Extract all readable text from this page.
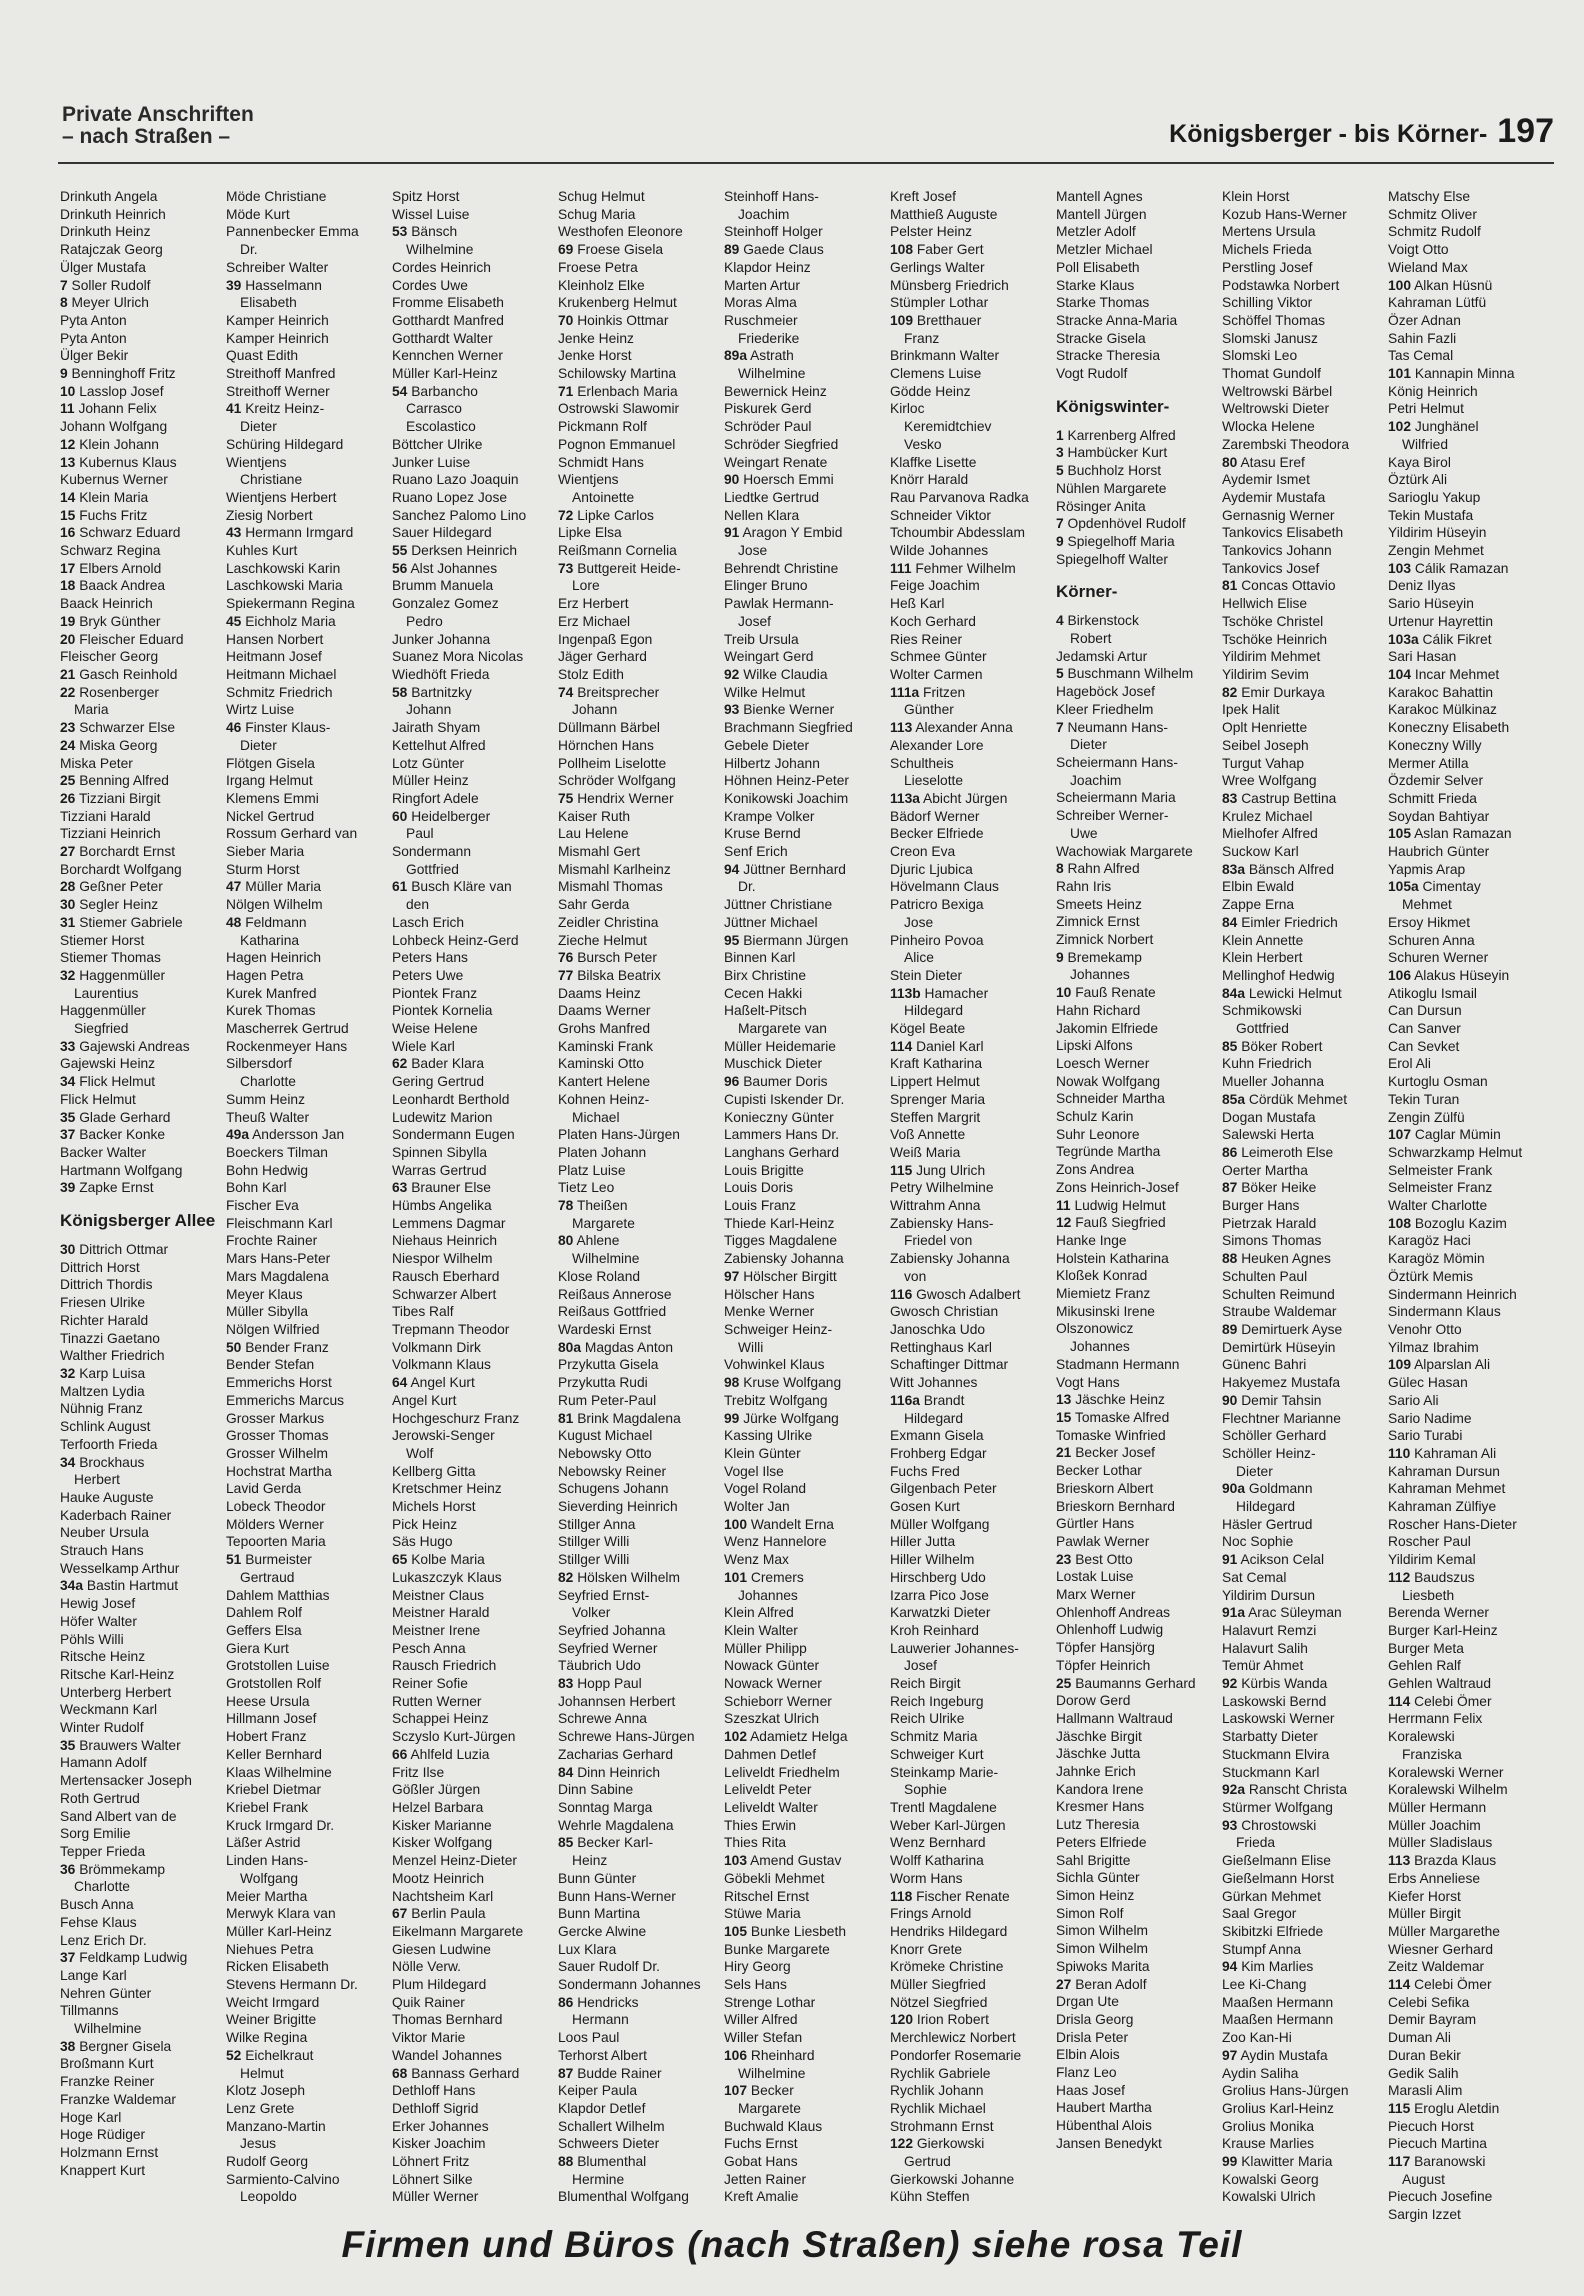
Private Anschriften
– nach Straßen –	Königsberger - bis Körner- 197
Drinkuth Angela
Drinkuth Heinrich
Drinkuth Heinz
Ratajczak Georg
Ülger Mustafa
7 Soller Rudolf
8 Meyer Ulrich
Pyta Anton
Pyta Anton
Ülger Bekir
9 Benninghoff Fritz
10 Lasslop Josef
11 Johann Felix
Johann Wolfgang
12 Klein Johann
13 Kubernus Klaus
Kubernus Werner
14 Klein Maria
15 Fuchs Fritz
16 Schwarz Eduard
Schwarz Regina
17 Elbers Arnold
18 Baack Andrea
Baack Heinrich
19 Bryk Günther
20 Fleischer Eduard
Fleischer Georg
21 Gasch Reinhold
22 Rosenberger
Maria
23 Schwarzer Else
24 Miska Georg
Miska Peter
25 Benning Alfred
26 Tizziani Birgit
Tizziani Harald
Tizziani Heinrich
27 Borchardt Ernst
Borchardt Wolfgang
28 Geßner Peter
30 Segler Heinz
31 Stiemer Gabriele
Stiemer Horst
Stiemer Thomas
32 Haggenmüller
Laurentius
Haggenmüller
Siegfried
33 Gajewski Andreas
Gajewski Heinz
34 Flick Helmut
Flick Helmut
35 Glade Gerhard
37 Backer Konke
Backer Walter
Hartmann Wolfgang
39 Zapke Ernst
Königsberger Allee
30 Dittrich Ottmar
Dittrich Horst
Dittrich Thordis
Friesen Ulrike
Richter Harald
Tinazzi Gaetano
Walther Friedrich
32 Karp Luisa
Maltzen Lydia
Nühnig Franz
Schlink August
Terfoorth Frieda
34 Brockhaus
Herbert
Hauke Auguste
Kaderbach Rainer
Neuber Ursula
Strauch Hans
Wesselkamp Arthur
34a Bastin Hartmut
Hewig Josef
Höfer Walter
Pöhls Willi
Ritsche Heinz
Ritsche Karl-Heinz
Unterberg Herbert
Weckmann Karl
Winter Rudolf
35 Brauwers Walter
Hamann Adolf
Mertensacker Joseph
Roth Gertrud
Sand Albert van de
Sorg Emilie
Tepper Frieda
36 Brömmekamp
Charlotte
Busch Anna
Fehse Klaus
Lenz Erich Dr.
37 Feldkamp Ludwig
Lange Karl
Nehren Günter
Tillmanns
Wilhelmine
38 Bergner Gisela
Broßmann Kurt
Franzke Reiner
Franzke Waldemar
Hoge Karl
Hoge Rüdiger
Holzmann Ernst
Knappert Kurt
Möde Christiane
Möde Kurt
Pannenbecker Emma
Dr.
Schreiber Walter
39 Hasselmann
Elisabeth
Kamper Heinrich
Kamper Heinrich
Quast Edith
Streithoff Manfred
Streithoff Werner
41 Kreitz Heinz-
Dieter
Schüring Hildegard
Wientjens
Christiane
Wientjens Herbert
Ziesig Norbert
43 Hermann Irmgard
Kuhles Kurt
Laschkowski Karin
Laschkowski Maria
Spiekermann Regina
45 Eichholz Maria
Hansen Norbert
Heitmann Josef
Heitmann Michael
Schmitz Friedrich
Wirtz Luise
46 Finster Klaus-
Dieter
Flötgen Gisela
Irgang Helmut
Klemens Emmi
Nickel Gertrud
Rossum Gerhard van
Sieber Maria
Sturm Horst
47 Müller Maria
Nölgen Wilhelm
48 Feldmann
Katharina
Hagen Heinrich
Hagen Petra
Kurek Manfred
Kurek Thomas
Mascherrek Gertrud
Rockenmeyer Hans
Silbersdorf
Charlotte
Summ Heinz
Theuß Walter
49a Andersson Jan
Boeckers Tilman
Bohn Hedwig
Bohn Karl
Fischer Eva
Fleischmann Karl
Frochte Rainer
Mars Hans-Peter
Mars Magdalena
Meyer Klaus
Müller Sibylla
Nölgen Wilfried
50 Bender Franz
Bender Stefan
Emmerichs Horst
Emmerichs Marcus
Grosser Markus
Grosser Thomas
Grosser Wilhelm
Hochstrat Martha
Lavid Gerda
Lobeck Theodor
Mölders Werner
Tepoorten Maria
51 Burmeister
Gertraud
Dahlem Matthias
Dahlem Rolf
Geffers Elsa
Giera Kurt
Grotstollen Luise
Grotstollen Rolf
Heese Ursula
Hillmann Josef
Hobert Franz
Keller Bernhard
Klaas Wilhelmine
Kriebel Dietmar
Kriebel Frank
Kruck Irmgard Dr.
Läßer Astrid
Linden Hans-
Wolfgang
Meier Martha
Merwyk Klara van
Müller Karl-Heinz
Niehues Petra
Ricken Elisabeth
Stevens Hermann Dr.
Weicht Irmgard
Weiner Brigitte
Wilke Regina
52 Eichelkraut
Helmut
Klotz Joseph
Lenz Grete
Manzano-Martin
Jesus
Rudolf Georg
Sarmiento-Calvino
Leopoldo
Spitz Horst
Wissel Luise
53 Bänsch
Wilhelmine
Cordes Heinrich
Cordes Uwe
Fromme Elisabeth
Gotthardt Manfred
Gotthardt Walter
Kennchen Werner
Müller Karl-Heinz
54 Barbancho
Carrasco
Escolastico
Böttcher Ulrike
Junker Luise
Ruano Lazo Joaquin
Ruano Lopez Jose
Sanchez Palomo Lino
Sauer Hildegard
55 Derksen Heinrich
56 Alst Johannes
Brumm Manuela
Gonzalez Gomez
Pedro
Junker Johanna
Suanez Mora Nicolas
Wiedhöft Frieda
58 Bartnitzky
Johann
Jairath Shyam
Kettelhut Alfred
Lotz Günter
Müller Heinz
Ringfort Adele
60 Heidelberger
Paul
Sondermann
Gottfried
61 Busch Kläre van
den
Lasch Erich
Lohbeck Heinz-Gerd
Peters Hans
Peters Uwe
Piontek Franz
Piontek Kornelia
Weise Helene
Wiele Karl
62 Bader Klara
Gering Gertrud
Leonhardt Berthold
Ludewitz Marion
Sondermann Eugen
Spinnen Sibylla
Warras Gertrud
63 Brauner Else
Hümbs Angelika
Lemmens Dagmar
Niehaus Heinrich
Niespor Wilhelm
Rausch Eberhard
Schwarzer Albert
Tibes Ralf
Trepmann Theodor
Volkmann Dirk
Volkmann Klaus
64 Angel Kurt
Angel Kurt
Hochgeschurz Franz
Jerowski-Senger
Wolf
Kellberg Gitta
Kretschmer Heinz
Michels Horst
Pick Heinz
Säs Hugo
65 Kolbe Maria
Lukaszczyk Klaus
Meistner Claus
Meistner Harald
Meistner Irene
Pesch Anna
Rausch Friedrich
Reiner Sofie
Rutten Werner
Schappei Heinz
Sczyslo Kurt-Jürgen
66 Ahlfeld Luzia
Fritz Ilse
Gößler Jürgen
Helzel Barbara
Kisker Marianne
Kisker Wolfgang
Menzel Heinz-Dieter
Mootz Heinrich
Nachtsheim Karl
67 Berlin Paula
Eikelmann Margarete
Giesen Ludwine
Nölle Verw.
Plum Hildegard
Quik Rainer
Thomas Bernhard
Viktor Marie
Wandel Johannes
68 Bannass Gerhard
Dethloff Hans
Dethloff Sigrid
Erker Johannes
Kisker Joachim
Löhnert Fritz
Löhnert Silke
Müller Werner
Schug Helmut
Schug Maria
Westhofen Eleonore
69 Froese Gisela
Froese Petra
Kleinholz Elke
Krukenberg Helmut
70 Hoinkis Ottmar
Jenke Heinz
Jenke Horst
Schilowsky Martina
71 Erlenbach Maria
Ostrowski Slawomir
Pickmann Rolf
Pognon Emmanuel
Schmidt Hans
Wientjens
Antoinette
72 Lipke Carlos
Lipke Elsa
Reißmann Cornelia
73 Buttgereit Heide-
Lore
Erz Herbert
Erz Michael
Ingenpaß Egon
Jäger Gerhard
Stolz Edith
74 Breitsprecher
Johann
Düllmann Bärbel
Hörnchen Hans
Pollheim Liselotte
Schröder Wolfgang
75 Hendrix Werner
Kaiser Ruth
Lau Helene
Mismahl Gert
Mismahl Karlheinz
Mismahl Thomas
Sahr Gerda
Zeidler Christina
Zieche Helmut
76 Bursch Peter
77 Bilska Beatrix
Daams Heinz
Daams Werner
Grohs Manfred
Kaminski Frank
Kaminski Otto
Kantert Helene
Kohnen Heinz-
Michael
Platen Hans-Jürgen
Platen Johann
Platz Luise
Tietz Leo
78 Theißen
Margarete
80 Ahlene
Wilhelmine
Klose Roland
Reißaus Annerose
Reißaus Gottfried
Wardeski Ernst
80a Magdas Anton
Przykutta Gisela
Przykutta Rudi
Rum Peter-Paul
81 Brink Magdalena
Kugust Michael
Nebowsky Otto
Nebowsky Reiner
Schugens Johann
Sieverding Heinrich
Stillger Anna
Stillger Willi
Stillger Willi
82 Hölsken Wilhelm
Seyfried Ernst-
Volker
Seyfried Johanna
Seyfried Werner
Täubrich Udo
83 Hopp Paul
Johannsen Herbert
Schrewe Anna
Schrewe Hans-Jürgen
Zacharias Gerhard
84 Dinn Heinrich
Dinn Sabine
Sonntag Marga
Wehrle Magdalena
85 Becker Karl-
Heinz
Bunn Günter
Bunn Hans-Werner
Bunn Martina
Gercke Alwine
Lux Klara
Sauer Rudolf Dr.
Sondermann Johannes
86 Hendricks
Hermann
Loos Paul
Terhorst Albert
87 Budde Rainer
Keiper Paula
Klapdor Detlef
Schallert Wilhelm
Schweers Dieter
88 Blumenthal
Hermine
Blumenthal Wolfgang
Steinhoff Hans-
Joachim
Steinhoff Holger
89 Gaede Claus
Klapdor Heinz
Marten Artur
Moras Alma
Ruschmeier
Friederike
89a Astrath
Wilhelmine
Bewernick Heinz
Piskurek Gerd
Schröder Paul
Schröder Siegfried
Weingart Renate
90 Hoersch Emmi
Liedtke Gertrud
Nellen Klara
91 Aragon Y Embid
Jose
Behrendt Christine
Elinger Bruno
Pawlak Hermann-
Josef
Treib Ursula
Weingart Gerd
92 Wilke Claudia
Wilke Helmut
93 Bienke Werner
Brachmann Siegfried
Gebele Dieter
Hilbertz Johann
Höhnen Heinz-Peter
Konikowski Joachim
Krampe Volker
Kruse Bernd
Senf Erich
94 Jüttner Bernhard
Dr.
Jüttner Christiane
Jüttner Michael
95 Biermann Jürgen
Binnen Karl
Birx Christine
Cecen Hakki
Haßelt-Pitsch
Margarete van
Müller Heidemarie
Muschick Dieter
96 Baumer Doris
Cupisti Iskender Dr.
Konieczny Günter
Lammers Hans Dr.
Langhans Gerhard
Louis Brigitte
Louis Doris
Louis Franz
Thiede Karl-Heinz
Tigges Magdalene
Zabiensky Johanna
97 Hölscher Birgitt
Hölscher Hans
Menke Werner
Schweiger Heinz-
Willi
Vohwinkel Klaus
98 Kruse Wolfgang
Trebitz Wolfgang
99 Jürke Wolfgang
Kassing Ulrike
Klein Günter
Vogel Ilse
Vogel Roland
Wolter Jan
100 Wandelt Erna
Wenz Hannelore
Wenz Max
101 Cremers
Johannes
Klein Alfred
Klein Walter
Müller Philipp
Nowack Günter
Nowack Werner
Schieborr Werner
Szeszkat Ulrich
102 Adamietz Helga
Dahmen Detlef
Leliveldt Friedhelm
Leliveldt Peter
Leliveldt Walter
Thies Erwin
Thies Rita
103 Amend Gustav
Göbekli Mehmet
Ritschel Ernst
Stüwe Maria
105 Bunke Liesbeth
Bunke Margarete
Hiry Georg
Sels Hans
Strenge Lothar
Willer Alfred
Willer Stefan
106 Rheinhard
Wilhelmine
107 Becker
Margarete
Buchwald Klaus
Fuchs Ernst
Gobat Hans
Jetten Rainer
Kreft Amalie
Kreft Josef
Matthieß Auguste
Pelster Heinz
108 Faber Gert
Gerlings Walter
Münsberg Friedrich
Stümpler Lothar
109 Bretthauer
Franz
Brinkmann Walter
Clemens Luise
Gödde Heinz
Kirloc
Keremidtchiev
Vesko
Klaffke Lisette
Knörr Harald
Rau Parvanova Radka
Schneider Viktor
Tchoumbir Abdesslam
Wilde Johannes
111 Fehmer Wilhelm
Feige Joachim
Heß Karl
Koch Gerhard
Ries Reiner
Schmee Günter
Wolter Carmen
111a Fritzen
Günther
113 Alexander Anna
Alexander Lore
Schultheis
Lieselotte
113a Abicht Jürgen
Bädorf Werner
Becker Elfriede
Creon Eva
Djuric Ljubica
Hövelmann Claus
Patricro Bexiga
Jose
Pinheiro Povoa
Alice
Stein Dieter
113b Hamacher
Hildegard
Kögel Beate
114 Daniel Karl
Kraft Katharina
Lippert Helmut
Sprenger Maria
Steffen Margrit
Voß Annette
Weiß Maria
115 Jung Ulrich
Petry Wilhelmine
Wittrahm Anna
Zabiensky Hans-
Friedel von
Zabiensky Johanna
von
116 Gwosch Adalbert
Gwosch Christian
Janoschka Udo
Rettinghaus Karl
Schaftinger Dittmar
Witt Johannes
116a Brandt
Hildegard
Exmann Gisela
Frohberg Edgar
Fuchs Fred
Gilgenbach Peter
Gosen Kurt
Müller Wolfgang
Hiller Jutta
Hiller Wilhelm
Hirschberg Udo
Izarra Pico Jose
Karwatzki Dieter
Kroh Reinhard
Lauwerier Johannes-
Josef
Reich Birgit
Reich Ingeburg
Reich Ulrike
Schmitz Maria
Schweiger Kurt
Steinkamp Marie-
Sophie
Trentl Magdalene
Weber Karl-Jürgen
Wenz Bernhard
Wolff Katharina
Worm Hans
118 Fischer Renate
Frings Arnold
Hendriks Hildegard
Knorr Grete
Krömeke Christine
Müller Siegfried
Nötzel Siegfried
120 Irion Robert
Merchlewicz Norbert
Pondorfer Rosemarie
Rychlik Gabriele
Rychlik Johann
Rychlik Michael
Strohmann Ernst
122 Gierkowski
Gertrud
Gierkowski Johanne
Kühn Steffen
Mantell Agnes
Mantell Jürgen
Metzler Adolf
Metzler Michael
Poll Elisabeth
Starke Klaus
Starke Thomas
Stracke Anna-Maria
Stracke Gisela
Stracke Theresia
Vogt Rudolf
Königswinter-
1 Karrenberg Alfred
3 Hambücker Kurt
5 Buchholz Horst
Nühlen Margarete
Rösinger Anita
7 Opdenhövel Rudolf
9 Spiegelhoff Maria
Spiegelhoff Walter
Körner-
4 Birkenstock
Robert
Jedamski Artur
5 Buschmann Wilhelm
Hageböck Josef
Kleer Friedhelm
7 Neumann Hans-
Dieter
Scheiermann Hans-
Joachim
Scheiermann Maria
Schreiber Werner-
Uwe
Wachowiak Margarete
8 Rahn Alfred
Rahn Iris
Smeets Heinz
Zimnick Ernst
Zimnick Norbert
9 Bremekamp
Johannes
10 Fauß Renate
Hahn Richard
Jakomin Elfriede
Lipski Alfons
Loesch Werner
Nowak Wolfgang
Schneider Martha
Schulz Karin
Suhr Leonore
Tegründe Martha
Zons Andrea
Zons Heinrich-Josef
11 Ludwig Helmut
12 Fauß Siegfried
Hanke Inge
Holstein Katharina
Kloßek Konrad
Miemietz Franz
Mikusinski Irene
Olszonowicz
Johannes
Stadmann Hermann
Vogt Hans
13 Jäschke Heinz
15 Tomaske Alfred
Tomaske Winfried
21 Becker Josef
Becker Lothar
Brieskorn Albert
Brieskorn Bernhard
Gürtler Hans
Pawlak Werner
23 Best Otto
Lostak Luise
Marx Werner
Ohlenhoff Andreas
Ohlenhoff Ludwig
Töpfer Hansjörg
Töpfer Heinrich
25 Baumanns Gerhard
Dorow Gerd
Hallmann Waltraud
Jäschke Birgit
Jäschke Jutta
Jahnke Erich
Kandora Irene
Kresmer Hans
Lutz Theresia
Peters Elfriede
Sahl Brigitte
Sichla Günter
Simon Heinz
Simon Rolf
Simon Wilhelm
Simon Wilhelm
Spiwoks Marita
27 Beran Adolf
Drgan Ute
Drisla Georg
Drisla Peter
Elbin Alois
Flanz Leo
Haas Josef
Haubert Martha
Hübenthal Alois
Jansen Benedykt
Klein Horst
Kozub Hans-Werner
Mertens Ursula
Michels Frieda
Perstling Josef
Podstawka Norbert
Schilling Viktor
Schöffel Thomas
Slomski Janusz
Slomski Leo
Thomat Gundolf
Weltrowski Bärbel
Weltrowski Dieter
Wlocka Helene
Zarembski Theodora
80 Atasu Eref
Aydemir Ismet
Aydemir Mustafa
Gernasnig Werner
Tankovics Elisabeth
Tankovics Johann
Tankovics Josef
81 Concas Ottavio
Hellwich Elise
Tschöke Christel
Tschöke Heinrich
Yildirim Mehmet
Yildirim Sevim
82 Emir Durkaya
Ipek Halit
Oplt Henriette
Seibel Joseph
Turgut Vahap
Wree Wolfgang
83 Castrup Bettina
Krulez Michael
Mielhofer Alfred
Suckow Karl
83a Bänsch Alfred
Elbin Ewald
Zappe Erna
84 Eimler Friedrich
Klein Annette
Klein Herbert
Mellinghof Hedwig
84a Lewicki Helmut
Schmikowski
Gottfried
85 Böker Robert
Kuhn Friedrich
Mueller Johanna
85a Cördük Mehmet
Dogan Mustafa
Salewski Herta
86 Leimeroth Else
Oerter Martha
87 Böker Heike
Burger Hans
Pietrzak Harald
Simons Thomas
88 Heuken Agnes
Schulten Paul
Schulten Reimund
Straube Waldemar
89 Demirtuerk Ayse
Demirtürk Hüseyin
Günenc Bahri
Hakyemez Mustafa
90 Demir Tahsin
Flechtner Marianne
Schöller Gerhard
Schöller Heinz-
Dieter
90a Goldmann
Hildegard
Häsler Gertrud
Noc Sophie
91 Acikson Celal
Sat Cemal
Yildirim Dursun
91a Arac Süleyman
Halavurt Remzi
Halavurt Salih
Temür Ahmet
92 Kürbis Wanda
Laskowski Bernd
Laskowski Werner
Starbatty Dieter
Stuckmann Elvira
Stuckmann Karl
92a Ranscht Christa
Stürmer Wolfgang
93 Chrostowski
Frieda
Gießelmann Elise
Gießelmann Horst
Gürkan Mehmet
Saal Gregor
Skibitzki Elfriede
Stumpf Anna
94 Kim Marlies
Lee Ki-Chang
Maaßen Hermann
Maaßen Hermann
Zoo Kan-Hi
97 Aydin Mustafa
Aydin Saliha
Grolius Hans-Jürgen
Grolius Karl-Heinz
Grolius Monika
Krause Marlies
99 Klawitter Maria
Kowalski Georg
Kowalski Ulrich
Matschy Else
Schmitz Oliver
Schmitz Rudolf
Voigt Otto
Wieland Max
100 Alkan Hüsnü
Kahraman Lütfü
Özer Adnan
Sahin Fazli
Tas Cemal
101 Kannapin Minna
König Heinrich
Petri Helmut
102 Junghänel
Wilfried
Kaya Birol
Öztürk Ali
Sarioglu Yakup
Tekin Mustafa
Yildirim Hüseyin
Zengin Mehmet
103 Cálik Ramazan
Deniz Ilyas
Sario Hüseyin
Urtenur Hayrettin
103a Cálik Fikret
Sari Hasan
104 Incar Mehmet
Karakoc Bahattin
Karakoc Mülkinaz
Koneczny Elisabeth
Koneczny Willy
Mermer Atilla
Özdemir Selver
Schmitt Frieda
Soydan Bahtiyar
105 Aslan Ramazan
Haubrich Günter
Yapmis Arap
105a Cimentay
Mehmet
Ersoy Hikmet
Schuren Anna
Schuren Werner
106 Alakus Hüseyin
Atikoglu Ismail
Can Dursun
Can Sanver
Can Sevket
Erol Ali
Kurtoglu Osman
Tekin Turan
Zengin Zülfü
107 Caglar Mümin
Schwarzkamp Helmut
Selmeister Frank
Selmeister Franz
Walter Charlotte
108 Bozoglu Kazim
Karagöz Haci
Karagöz Mömin
Öztürk Memis
Sindermann Heinrich
Sindermann Klaus
Venohr Otto
Yilmaz Ibrahim
109 Alparslan Ali
Gülec Hasan
Sario Ali
Sario Nadime
Sario Turabi
110 Kahraman Ali
Kahraman Dursun
Kahraman Mehmet
Kahraman Zülfiye
Roscher Hans-Dieter
Roscher Paul
Yildirim Kemal
112 Baudszus
Liesbeth
Berenda Werner
Burger Karl-Heinz
Burger Meta
Gehlen Ralf
Gehlen Waltraud
114 Celebi Ömer
Herrmann Felix
Koralewski
Franziska
Koralewski Werner
Koralewski Wilhelm
Müller Hermann
Müller Joachim
Müller Sladislaus
113 Brazda Klaus
Erbs Anneliese
Kiefer Horst
Müller Birgit
Müller Margarethe
Wiesner Gerhard
Zeitz Waldemar
114 Celebi Ömer
Celebi Sefika
Demir Bayram
Duman Ali
Duran Bekir
Gedik Salih
Marasli Alim
115 Eroglu Aletdin
Piecuch Horst
Piecuch Martina
117 Baranowski
August
Piecuch Josefine
Sargin Izzet
Firmen und Büros (nach Straßen) siehe rosa Teil
